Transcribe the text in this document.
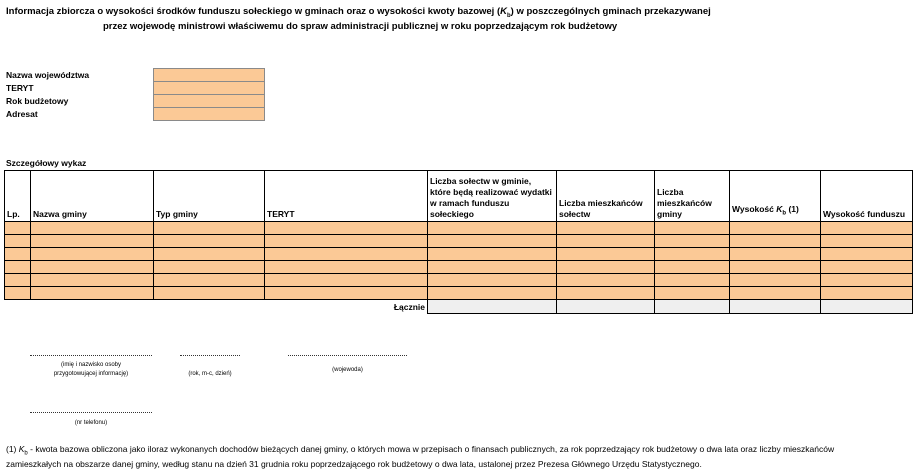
Informacja zbiorcza o wysokości środków funduszu sołeckiego w gminach oraz o wysokości kwoty bazowej $(K_b)$ w poszczególnych gminach przekazywanej
przez wojewodę ministrowi właściwemu do spraw administracji publicznej w roku poprzedzającym rok budżetowy
Nazwa województwa
TERYT
Rok budżetowy
Adresat
Szczegółowy wykaz
Lp.	Nazwa gminy	Typ gminy	TERYT	Liczba sołectw w gminie, które będą realizować wydatki w ramach funduszu sołeckiego	Liczba mieszkańców sołectw	Liczba mieszkańców gminy	Wysokość $K_b$ (1)	Wysokość funduszu

			Łącznie					
(imię i nazwisko osoby przygotowującej informację)	(rok, m-c, dzień)
(wojewoda)
(nr telefonu)
(1) $K_b$ - kwota bazowa obliczona jako iloraz wykonanych dochodów bieżących danej gminy, o których mowa w przepisach o finansach publicznych, za rok poprzedzający rok budżetowy o dwa lata oraz liczby mieszkańców
zamieszkałych na obszarze danej gminy, według stanu na dzień 31 grudnia roku poprzedzającego rok budżetowy o dwa lata, ustalonej przez Prezesa Głównego Urzędu Statystycznego.
